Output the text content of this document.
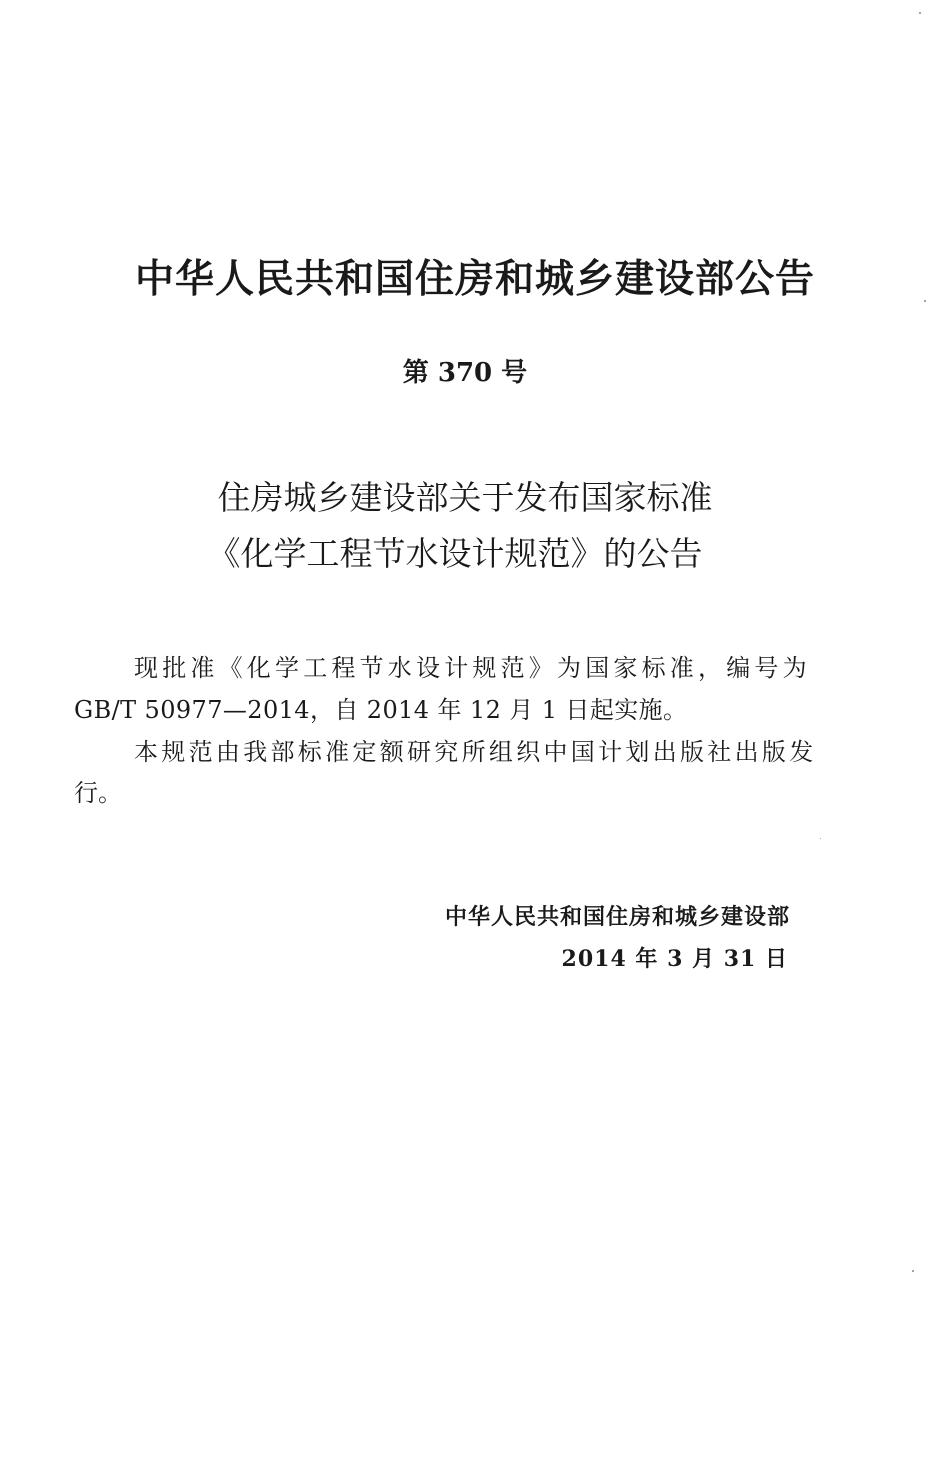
中华人民共和国住房和城乡建设部公告
第 370 号
住房城乡建设部关于发布国家标准
《化学工程节水设计规范》的公告
现批准《化学工程节水设计规范》为国家标准，编号为
GB/T 50977—2014，自 2014 年 12 月 1 日起实施。
本规范由我部标准定额研究所组织中国计划出版社出版发
行。
中华人民共和国住房和城乡建设部
2014 年 3 月 31 日
